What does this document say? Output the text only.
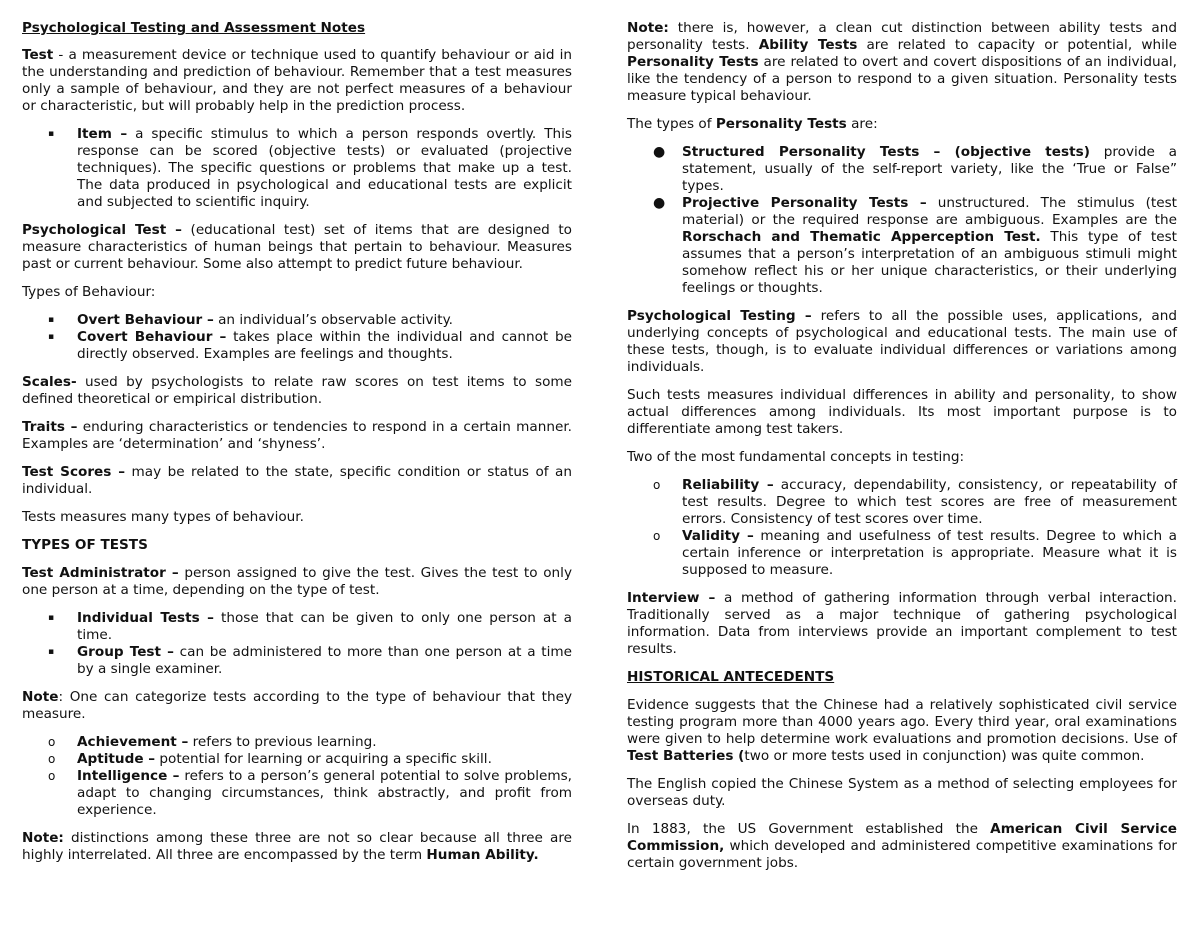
Psychological Testing and Assessment Notes

Test - a measurement device or technique used to quantify behaviour or aid in the understanding and prediction of behaviour. Remember that a test measures only a sample of behaviour, and they are not perfect measures of a behaviour or characteristic, but will probably help in the prediction process.

▪ Item – a specific stimulus to which a person responds overtly. This response can be scored (objective tests) or evaluated (projective techniques). The specific questions or problems that make up a test. The data produced in psychological and educational tests are explicit and subjected to scientific inquiry.

Psychological Test – (educational test) set of items that are designed to measure characteristics of human beings that pertain to behaviour. Measures past or current behaviour. Some also attempt to predict future behaviour.

Types of Behaviour:

▪ Overt Behaviour – an individual’s observable activity.
▪ Covert Behaviour – takes place within the individual and cannot be directly observed. Examples are feelings and thoughts.

Scales- used by psychologists to relate raw scores on test items to some defined theoretical or empirical distribution.

Traits – enduring characteristics or tendencies to respond in a certain manner. Examples are ‘determination’ and ‘shyness’.

Test Scores – may be related to the state, specific condition or status of an individual.

Tests measures many types of behaviour.

TYPES OF TESTS

Test Administrator – person assigned to give the test. Gives the test to only one person at a time, depending on the type of test.

▪ Individual Tests – those that can be given to only one person at a time.
▪ Group Test – can be administered to more than one person at a time by a single examiner.

Note: One can categorize tests according to the type of behaviour that they measure.

o Achievement – refers to previous learning.
o Aptitude – potential for learning or acquiring a specific skill.
o Intelligence – refers to a person’s general potential to solve problems, adapt to changing circumstances, think abstractly, and profit from experience.

Note: distinctions among these three are not so clear because all three are highly interrelated. All three are encompassed by the term Human Ability.

Note: there is, however, a clean cut distinction between ability tests and personality tests. Ability Tests are related to capacity or potential, while Personality Tests are related to overt and covert dispositions of an individual, like the tendency of a person to respond to a given situation. Personality tests measure typical behaviour.

The types of Personality Tests are:

● Structured Personality Tests – (objective tests) provide a statement, usually of the self-report variety, like the ‘True or False” types.
● Projective Personality Tests – unstructured. The stimulus (test material) or the required response are ambiguous. Examples are the Rorschach and Thematic Apperception Test. This type of test assumes that a person’s interpretation of an ambiguous stimuli might somehow reflect his or her unique characteristics, or their underlying feelings or thoughts.

Psychological Testing – refers to all the possible uses, applications, and underlying concepts of psychological and educational tests. The main use of these tests, though, is to evaluate individual differences or variations among individuals.

Such tests measures individual differences in ability and personality, to show actual differences among individuals. Its most important purpose is to differentiate among test takers.

Two of the most fundamental concepts in testing:

o Reliability – accuracy, dependability, consistency, or repeatability of test results. Degree to which test scores are free of measurement errors. Consistency of test scores over time.
o Validity – meaning and usefulness of test results. Degree to which a certain inference or interpretation is appropriate. Measure what it is supposed to measure.

Interview – a method of gathering information through verbal interaction. Traditionally served as a major technique of gathering psychological information. Data from interviews provide an important complement to test results.

HISTORICAL ANTECEDENTS

Evidence suggests that the Chinese had a relatively sophisticated civil service testing program more than 4000 years ago. Every third year, oral examinations were given to help determine work evaluations and promotion decisions. Use of Test Batteries (two or more tests used in conjunction) was quite common.

The English copied the Chinese System as a method of selecting employees for overseas duty.

In 1883, the US Government established the American Civil Service Commission, which developed and administered competitive examinations for certain government jobs.
